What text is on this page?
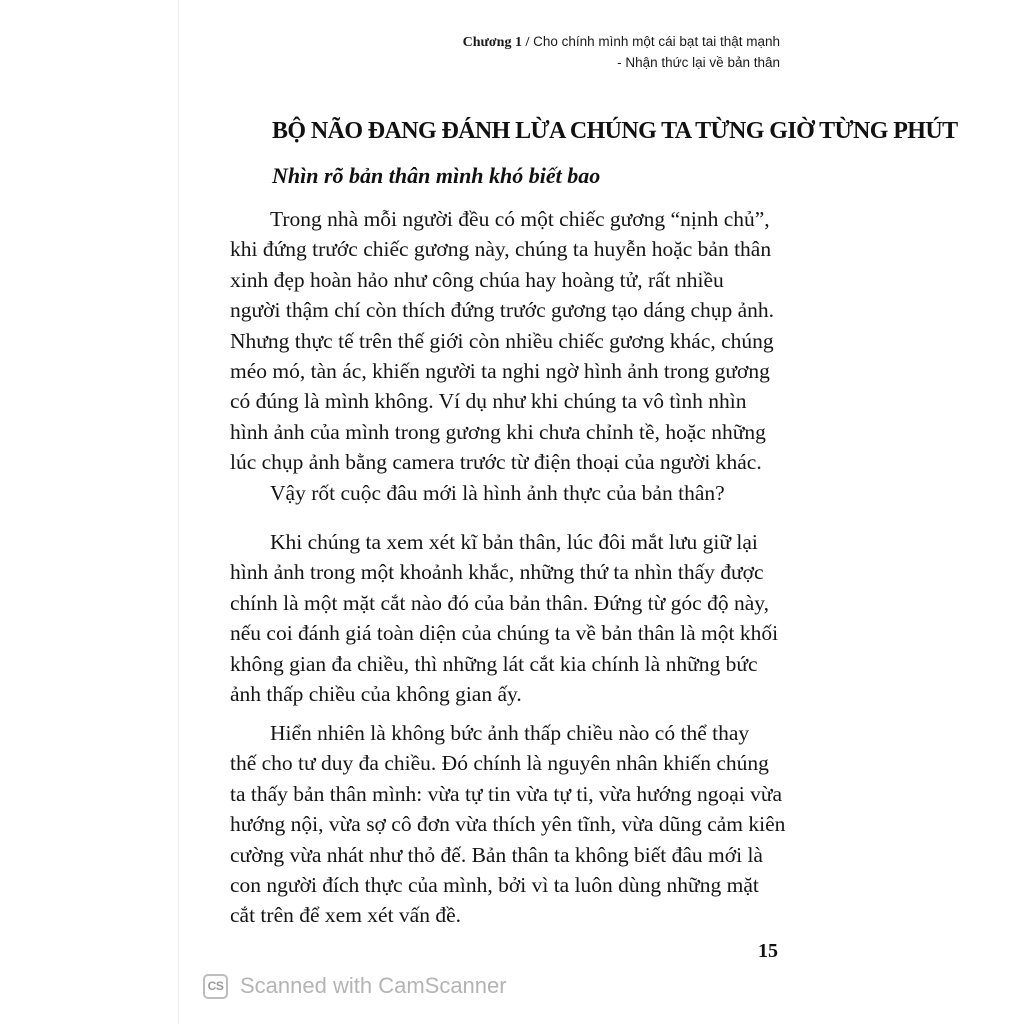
Chương 1 / Cho chính mình một cái bạt tai thật mạnh
- Nhận thức lại về bản thân
BỘ NÃO ĐANG ĐÁNH LỪA CHÚNG TA TỪNG GIỜ TỪNG PHÚT
Nhìn rõ bản thân mình khó biết bao
Trong nhà mỗi người đều có một chiếc gương “nịnh chủ”,
khi đứng trước chiếc gương này, chúng ta huyễn hoặc bản thân
xinh đẹp hoàn hảo như công chúa hay hoàng tử, rất nhiều
người thậm chí còn thích đứng trước gương tạo dáng chụp ảnh.
Nhưng thực tế trên thế giới còn nhiều chiếc gương khác, chúng
méo mó, tàn ác, khiến người ta nghi ngờ hình ảnh trong gương
có đúng là mình không. Ví dụ như khi chúng ta vô tình nhìn
hình ảnh của mình trong gương khi chưa chỉnh tề, hoặc những
lúc chụp ảnh bằng camera trước từ điện thoại của người khác.
Vậy rốt cuộc đâu mới là hình ảnh thực của bản thân?
Khi chúng ta xem xét kĩ bản thân, lúc đôi mắt lưu giữ lại
hình ảnh trong một khoảnh khắc, những thứ ta nhìn thấy được
chính là một mặt cắt nào đó của bản thân. Đứng từ góc độ này,
nếu coi đánh giá toàn diện của chúng ta về bản thân là một khối
không gian đa chiều, thì những lát cắt kia chính là những bức
ảnh thấp chiều của không gian ấy.
Hiển nhiên là không bức ảnh thấp chiều nào có thể thay
thế cho tư duy đa chiều. Đó chính là nguyên nhân khiến chúng
ta thấy bản thân mình: vừa tự tin vừa tự ti, vừa hướng ngoại vừa
hướng nội, vừa sợ cô đơn vừa thích yên tĩnh, vừa dũng cảm kiên
cường vừa nhát như thỏ đế. Bản thân ta không biết đâu mới là
con người đích thực của mình, bởi vì ta luôn dùng những mặt
cắt trên để xem xét vấn đề.
15
CS Scanned with CamScanner
